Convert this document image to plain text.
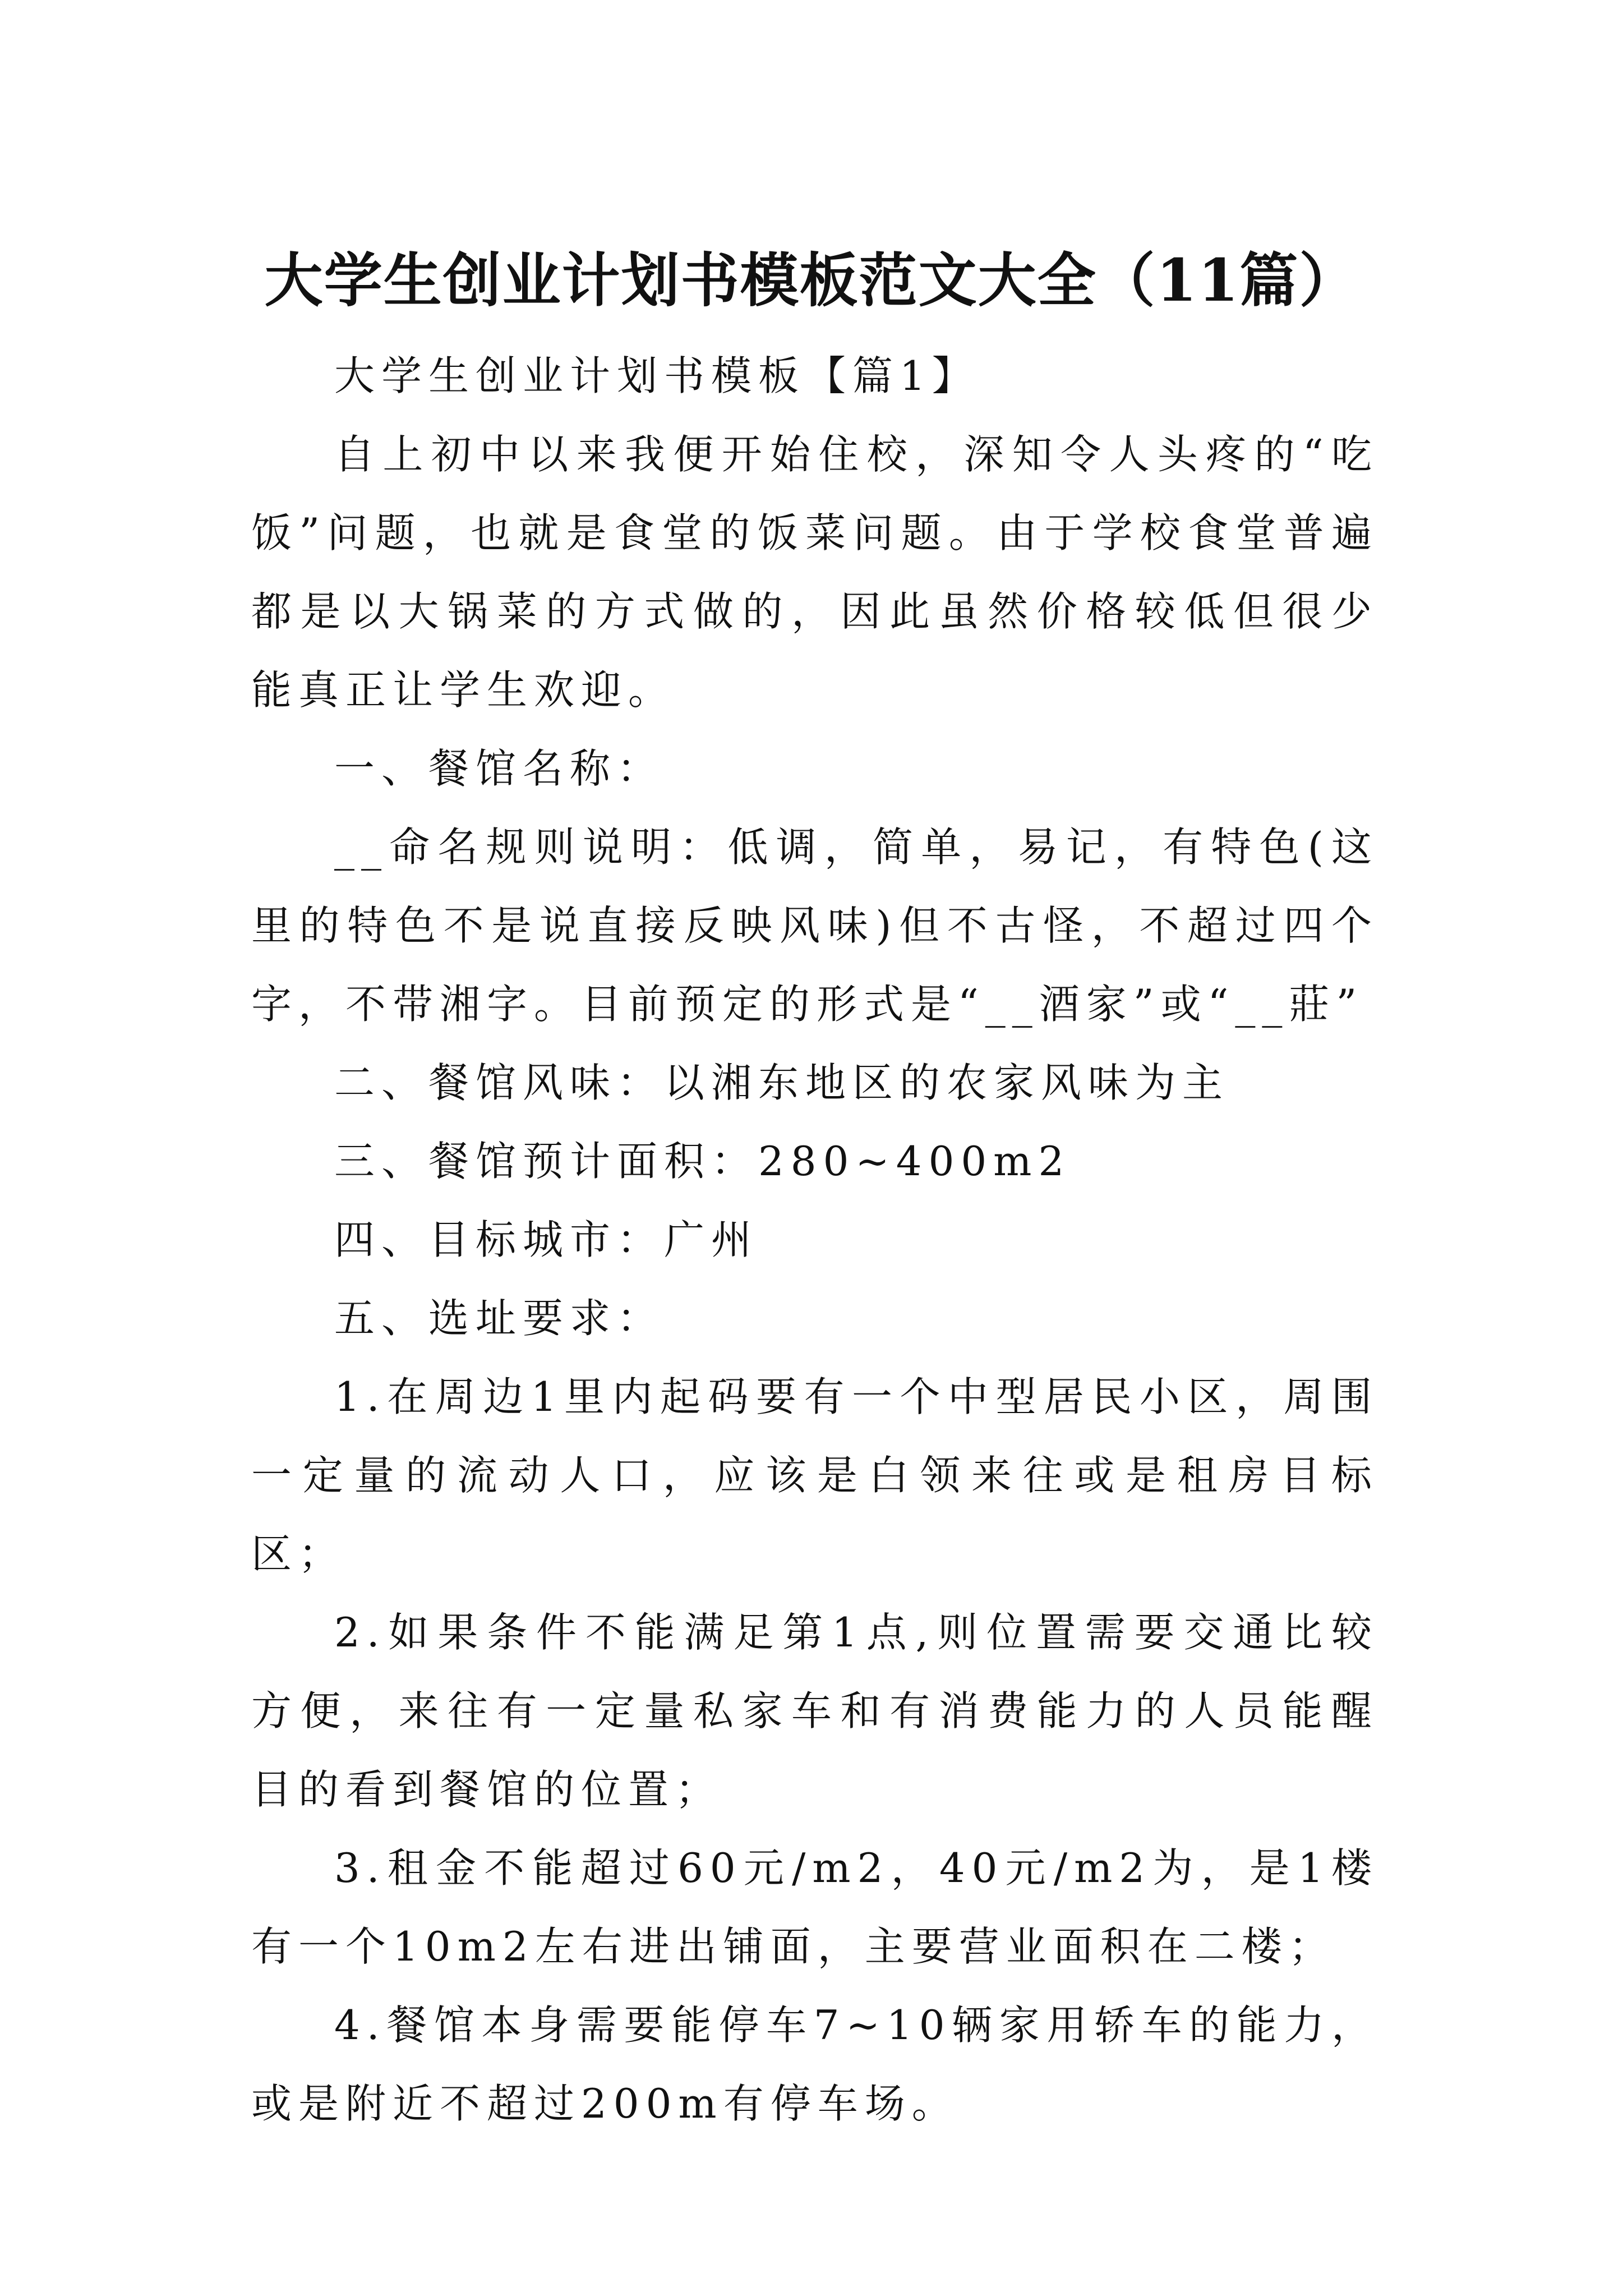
大学生创业计划书模板范文大全（11篇）

大学生创业计划书模板【篇1】

自上初中以来我便开始住校，深知令人头疼的“吃饭”问题，也就是食堂的饭菜问题。由于学校食堂普遍都是以大锅菜的方式做的，因此虽然价格较低但很少能真正让学生欢迎。

一、餐馆名称：

__命名规则说明：低调，简单，易记，有特色(这里的特色不是说直接反映风味)但不古怪，不超过四个字，不带湘字。目前预定的形式是“__酒家”或“__莊”

二、餐馆风味：以湘东地区的农家风味为主

三、餐馆预计面积：280~400m2

四、目标城市：广州

五、选址要求：

1.在周边1里内起码要有一个中型居民小区，周围一定量的流动人口，应该是白领来往或是租房目标区；

2.如果条件不能满足第1点,则位置需要交通比较方便，来往有一定量私家车和有消费能力的人员能醒目的看到餐馆的位置；

3.租金不能超过60元/m2，40元/m2为，是1楼有一个10m2左右进出铺面，主要营业面积在二楼；

4.餐馆本身需要能停车7~10辆家用轿车的能力，或是附近不超过200m有停车场。
